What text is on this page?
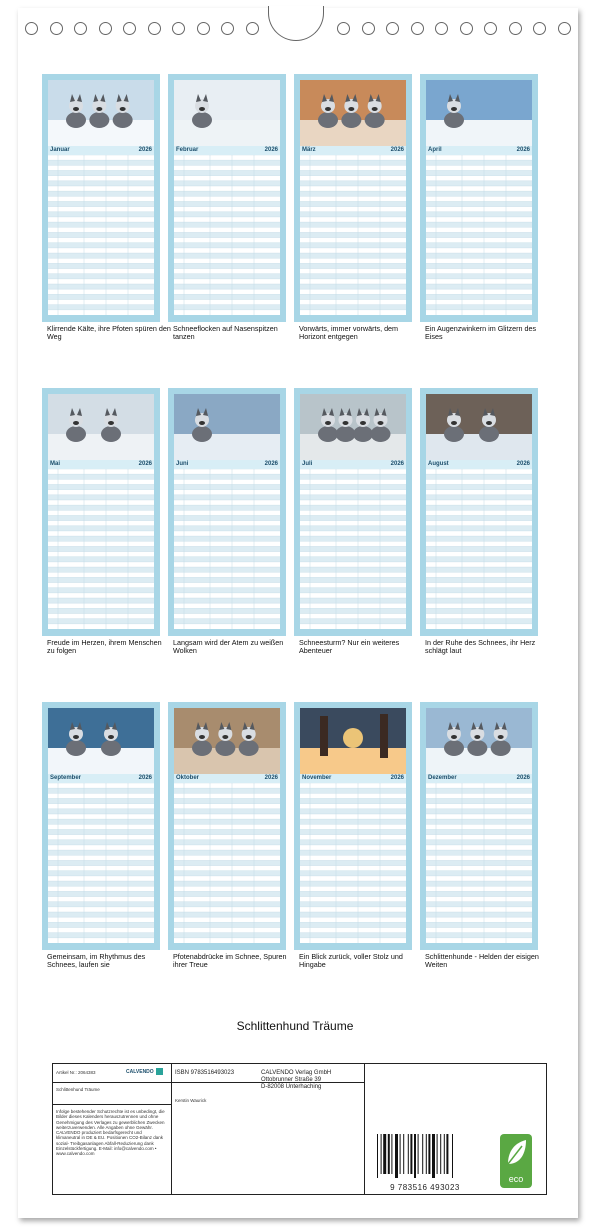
Januar	2026
Klirrende Kälte, ihre Pfoten spüren den Weg
Februar	2026
Schneeflocken auf Nasenspitzen tanzen
März	2026
Vorwärts, immer vorwärts, dem Horizont entgegen
April	2026
Ein Augenzwinkern im Glitzern des Eises
Mai	2026
Freude im Herzen, ihrem Menschen zu folgen
Juni	2026
Langsam wird der Atem zu weißen Wolken
Juli	2026
Schneesturm? Nur ein weiteres Abenteuer
August	2026
In der Ruhe des Schnees, ihr Herz schlägt laut
September	2026
Gemeinsam, im Rhythmus des Schnees, laufen sie
Oktober	2026
Pfotenabdrücke im Schnee, Spuren ihrer Treue
November	2026
Ein Blick zurück, voller Stolz und Hingabe
Dezember	2026
Schlittenhunde - Helden der eisigen Weiten
Schlittenhund Träume
Artikel Nr.: 2064383	CALVENDO
Schlittenhund Träume
Infolge bestehender Schutzrechte ist es unbedingt, die Bilder dieses Kalenders herauszutrennen und ohne Genehmigung des Verlages zu gewerblichen Zwecken weiterzuverwenden. Alle Angaben ohne Gewähr. CALVENDO produziert bedarfsgerecht und klimaneutral in DE & EU. Positionen CO2-Bilanz dank sozial- Treibgasanlagen Abfall-Reduzierung dank Einzelstückfertigung. E-Mail: info@calvendo.com • www.calvendo.com
ISBN 9783516493023
Kerstin Waurick
CALVENDO Verlag GmbH
Ottobrunner Straße 39
D-82008 Unterhaching
9 783516 493023
eco
